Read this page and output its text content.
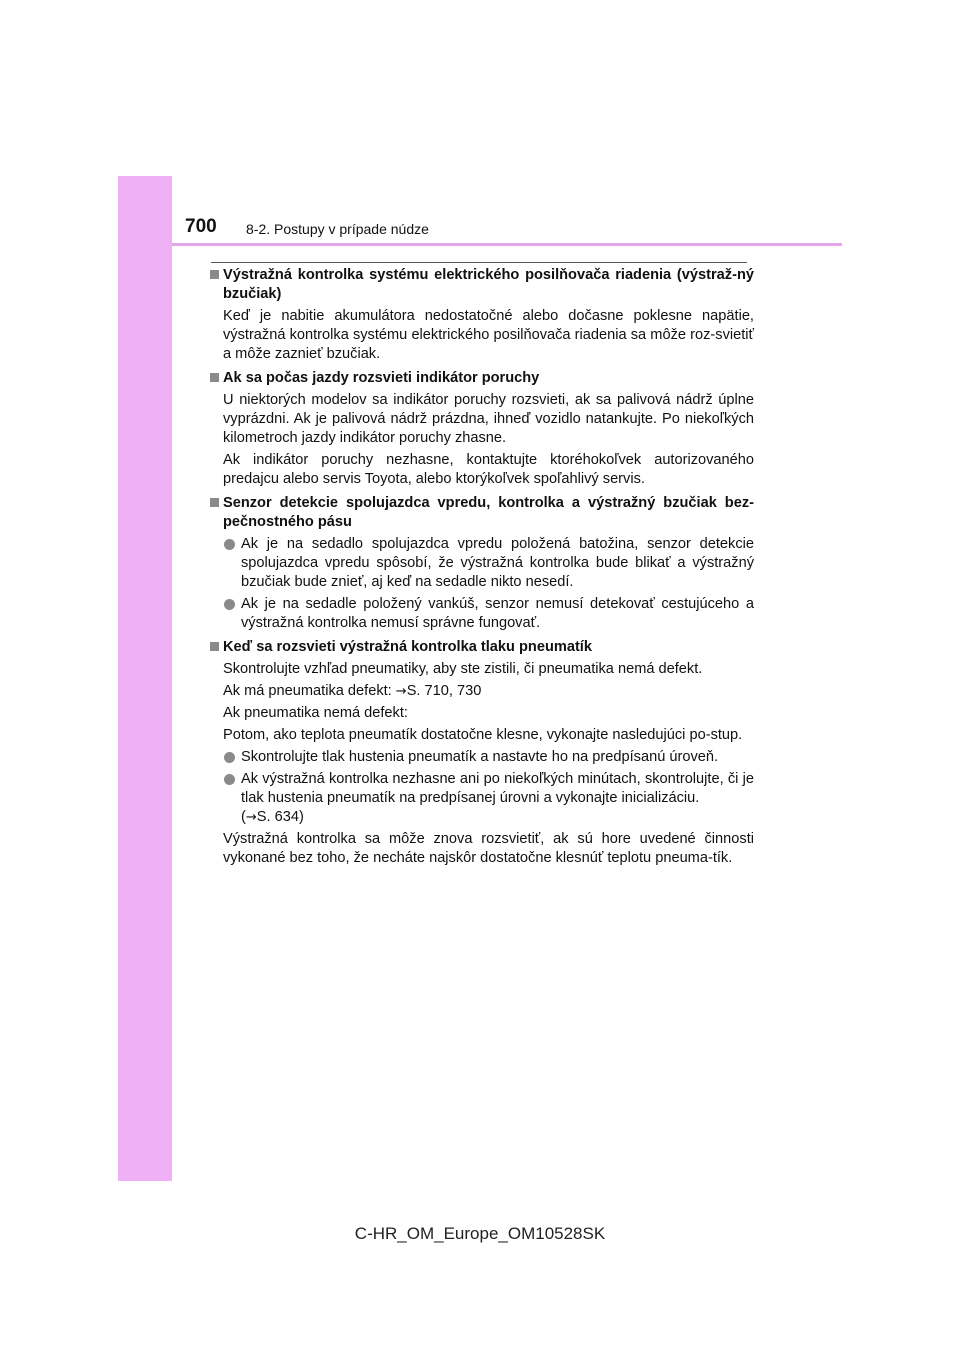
700 8-2. Postupy v prípade núdze
Výstražná kontrolka systému elektrického posilňovača riadenia (výstraž-ný bzučiak)
Keď je nabitie akumulátora nedostatočné alebo dočasne poklesne napätie, výstražná kontrolka systému elektrického posilňovača riadenia sa môže roz-svietiť a môže zaznieť bzučiak.
Ak sa počas jazdy rozsvieti indikátor poruchy
U niektorých modelov sa indikátor poruchy rozsvieti, ak sa palivová nádrž úplne vyprázdni. Ak je palivová nádrž prázdna, ihneď vozidlo natankujte. Po niekoľkých kilometroch jazdy indikátor poruchy zhasne.
Ak indikátor poruchy nezhasne, kontaktujte ktoréhokoľvek autorizovaného predajcu alebo servis Toyota, alebo ktorýkoľvek spoľahlivý servis.
Senzor detekcie spolujazdca vpredu, kontrolka a výstražný bzučiak bez-pečnostného pásu
Ak je na sedadlo spolujazdca vpredu položená batožina, senzor detekcie spolujazdca vpredu spôsobí, že výstražná kontrolka bude blikať a výstražný bzučiak bude znieť, aj keď na sedadle nikto nesedí.
Ak je na sedadle položený vankúš, senzor nemusí detekovať cestujúceho a výstražná kontrolka nemusí správne fungovať.
Keď sa rozsvieti výstražná kontrolka tlaku pneumatík
Skontrolujte vzhľad pneumatiky, aby ste zistili, či pneumatika nemá defekt.
Ak má pneumatika defekt: →S. 710, 730
Ak pneumatika nemá defekt:
Potom, ako teplota pneumatík dostatočne klesne, vykonajte nasledujúci po-stup.
Skontrolujte tlak hustenia pneumatík a nastavte ho na predpísanú úroveň.
Ak výstražná kontrolka nezhasne ani po niekoľkých minútach, skontrolujte, či je tlak hustenia pneumatík na predpísanej úrovni a vykonajte inicializáciu.
(→S. 634)
Výstražná kontrolka sa môže znova rozsvietiť, ak sú hore uvedené činnosti vykonané bez toho, že necháte najskôr dostatočne klesnúť teplotu pneuma-tík.
C-HR_OM_Europe_OM10528SK
